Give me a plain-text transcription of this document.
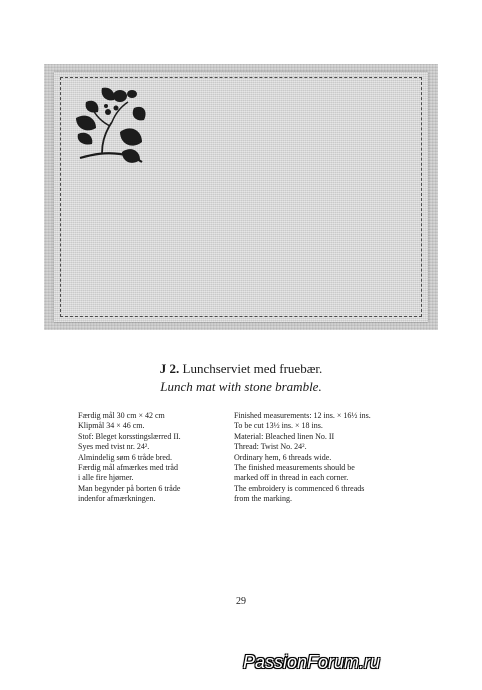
J 2. Lunchserviet med fruebær.
Lunch mat with stone bramble.
Færdig mål 30 cm × 42 cm
Klipmål 34 × 46 cm.
Stof: Bleget korsstingslærred II.
Syes med tvist nr. 24².
Almindelig søm 6 tråde bred.
Færdig mål afmærkes med tråd
i alle fire hjørner.
Man begynder på borten 6 tråde
indenfor afmærkningen.
Finished measurements: 12 ins. × 16½ ins.
To be cut 13½ ins. × 18 ins.
Material: Bleached linen No. II
Thread: Twist No. 24².
Ordinary hem, 6 threads wide.
The finished measurements should be
marked off in thread in each corner.
The embroidery is commenced 6 threads
from the marking.
29
PassionForum.ru
